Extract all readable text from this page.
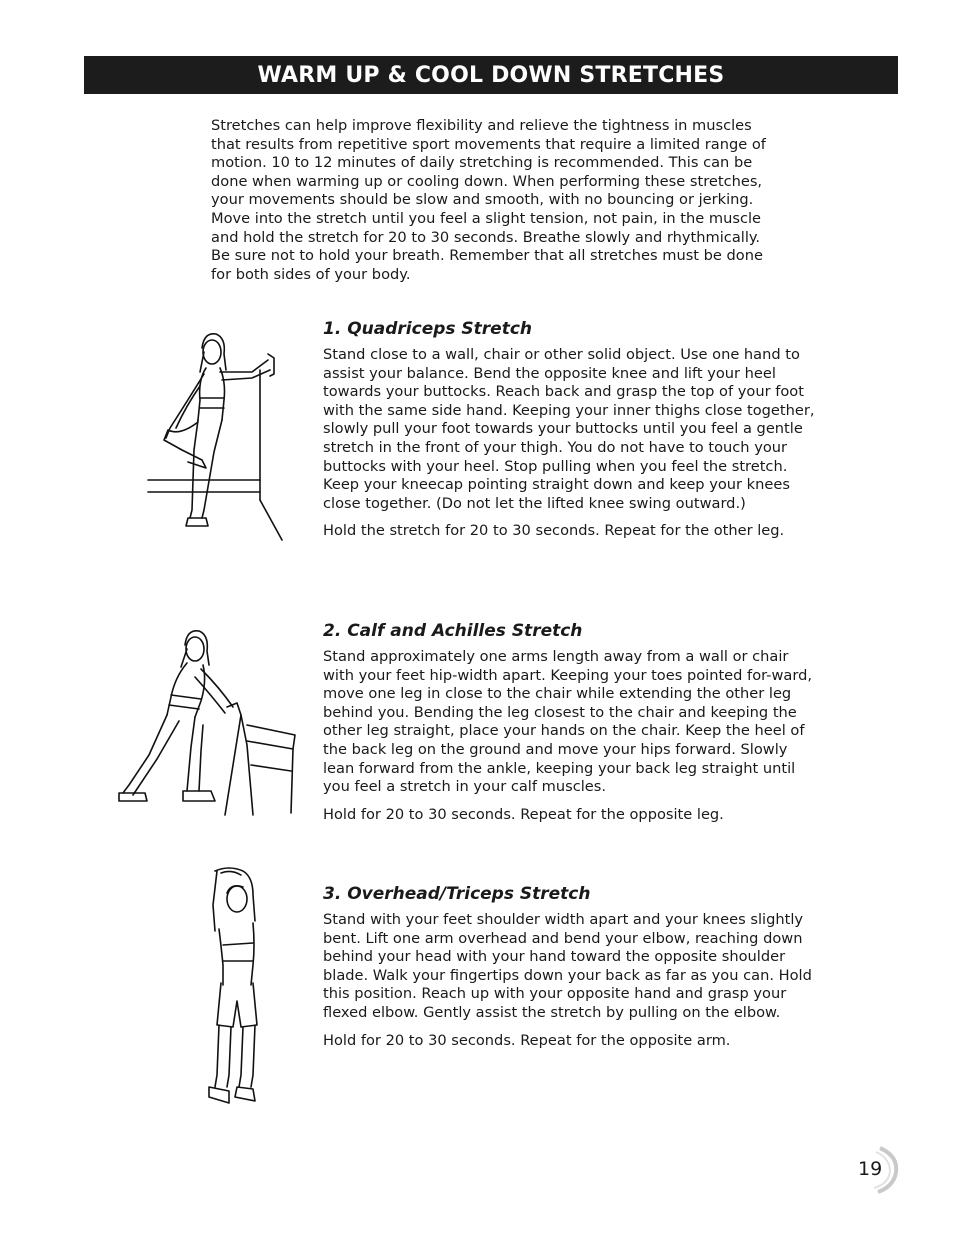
WARM UP & COOL DOWN STRETCHES

Stretches can help improve flexibility and relieve the tightness in muscles that results from repetitive sport movements that require a limited range of motion. 10 to 12 minutes of daily stretching is recommended. This can be done when warming up or cooling down. When performing these stretches, your movements should be slow and smooth, with no bouncing or jerking. Move into the stretch until you feel a slight tension, not pain, in the muscle and hold the stretch for 20 to 30 seconds. Breathe slowly and rhythmically. Be sure not to hold your breath. Remember that all stretches must be done for both sides of your body.

1. Quadriceps Stretch

Stand close to a wall, chair or other solid object. Use one hand to assist your balance. Bend the opposite knee and lift your heel towards your buttocks. Reach back and grasp the top of your foot with the same side hand. Keeping your inner thighs close together, slowly pull your foot towards your buttocks until you feel a gentle stretch in the front of your thigh. You do not have to touch your buttocks with your heel. Stop pulling when you feel the stretch. Keep your kneecap pointing straight down and keep your knees close together. (Do not let the lifted knee swing outward.)

Hold the stretch for 20 to 30 seconds. Repeat for the other leg.

2. Calf and Achilles Stretch

Stand approximately one arms length away from a wall or chair with your feet hip-width apart. Keeping your toes pointed for-ward, move one leg in close to the chair while extending the other leg behind you. Bending the leg closest to the chair and keeping the other leg straight, place your hands on the chair. Keep the heel of the back leg on the ground and move your hips forward. Slowly lean forward from the ankle, keeping your back leg straight until you feel a stretch in your calf muscles.

Hold for 20 to 30 seconds. Repeat for the opposite leg.

3. Overhead/Triceps Stretch

Stand with your feet shoulder width apart and your knees slightly bent. Lift one arm overhead and bend your elbow, reaching down behind your head with your hand toward the opposite shoulder blade. Walk your fingertips down your back as far as you can. Hold this position. Reach up with your opposite hand and grasp your flexed elbow. Gently assist the stretch by pulling on the elbow.

Hold for 20 to 30 seconds. Repeat for the opposite arm.

19
